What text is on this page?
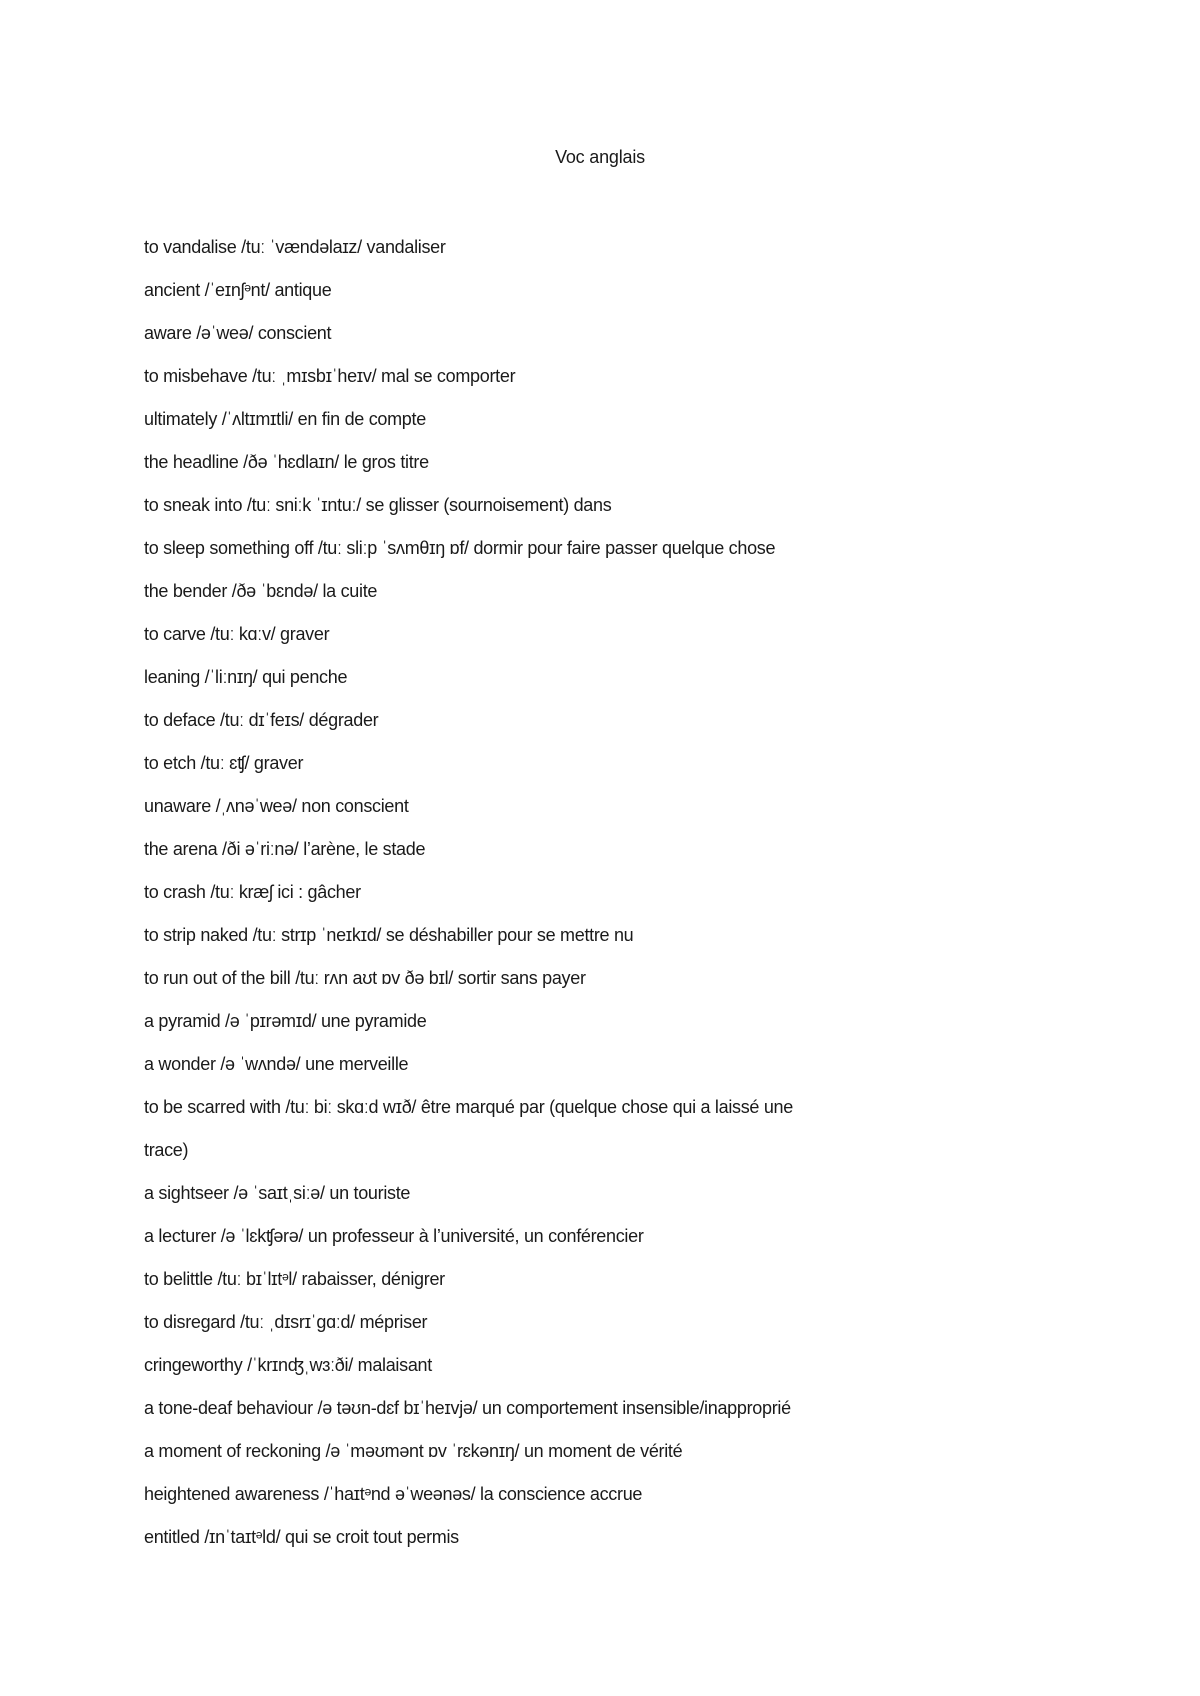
Voc anglais
to vandalise /tuː ˈvændəlaɪz/ vandaliser
ancient /ˈeɪnʃᵊnt/ antique
aware /əˈweə/ conscient
to misbehave /tuː ˌmɪsbɪˈheɪv/ mal se comporter
ultimately /ˈʌltɪmɪtli/ en fin de compte
the headline /ðə ˈhɛdlaɪn/ le gros titre
to sneak into /tuː sniːk ˈɪntuː/ se glisser (sournoisement) dans
to sleep something off /tuː sliːp ˈsʌmθɪŋ ɒf/ dormir pour faire passer quelque chose
the bender /ðə ˈbɛndə/ la cuite
to carve /tuː kɑːv/ graver
leaning /ˈliːnɪŋ/ qui penche
to deface /tuː dɪˈfeɪs/ dégrader
to etch /tuː ɛʧ/ graver
unaware /ˌʌnəˈweə/ non conscient
the arena /ði əˈriːnə/ l’arène, le stade
to crash /tuː kræʃ ici : gâcher
to strip naked /tuː strɪp ˈneɪkɪd/ se déshabiller pour se mettre nu
to run out of the bill /tuː rʌn aʊt ɒv ðə bɪl/ sortir sans payer
a pyramid /ə ˈpɪrəmɪd/ une pyramide
a wonder /ə ˈwʌndə/ une merveille
to be scarred with /tuː biː skɑːd wɪð/ être marqué par (quelque chose qui a laissé une
trace)
a sightseer /ə ˈsaɪtˌsiːə/ un touriste
a lecturer /ə ˈlɛkʧərə/ un professeur à l’université, un conférencier
to belittle /tuː bɪˈlɪtᵊl/ rabaisser, dénigrer
to disregard /tuː ˌdɪsrɪˈgɑːd/ mépriser
cringeworthy /ˈkrɪnʤˌwɜːði/ malaisant
a tone-deaf behaviour /ə təʊn-dɛf bɪˈheɪvjə/ un comportement insensible/inapproprié
a moment of reckoning /ə ˈməʊmənt ɒv ˈrɛkənɪŋ/ un moment de vérité
heightened awareness /ˈhaɪtᵊnd əˈweənəs/ la conscience accrue
entitled /ɪnˈtaɪtᵊld/ qui se croit tout permis
